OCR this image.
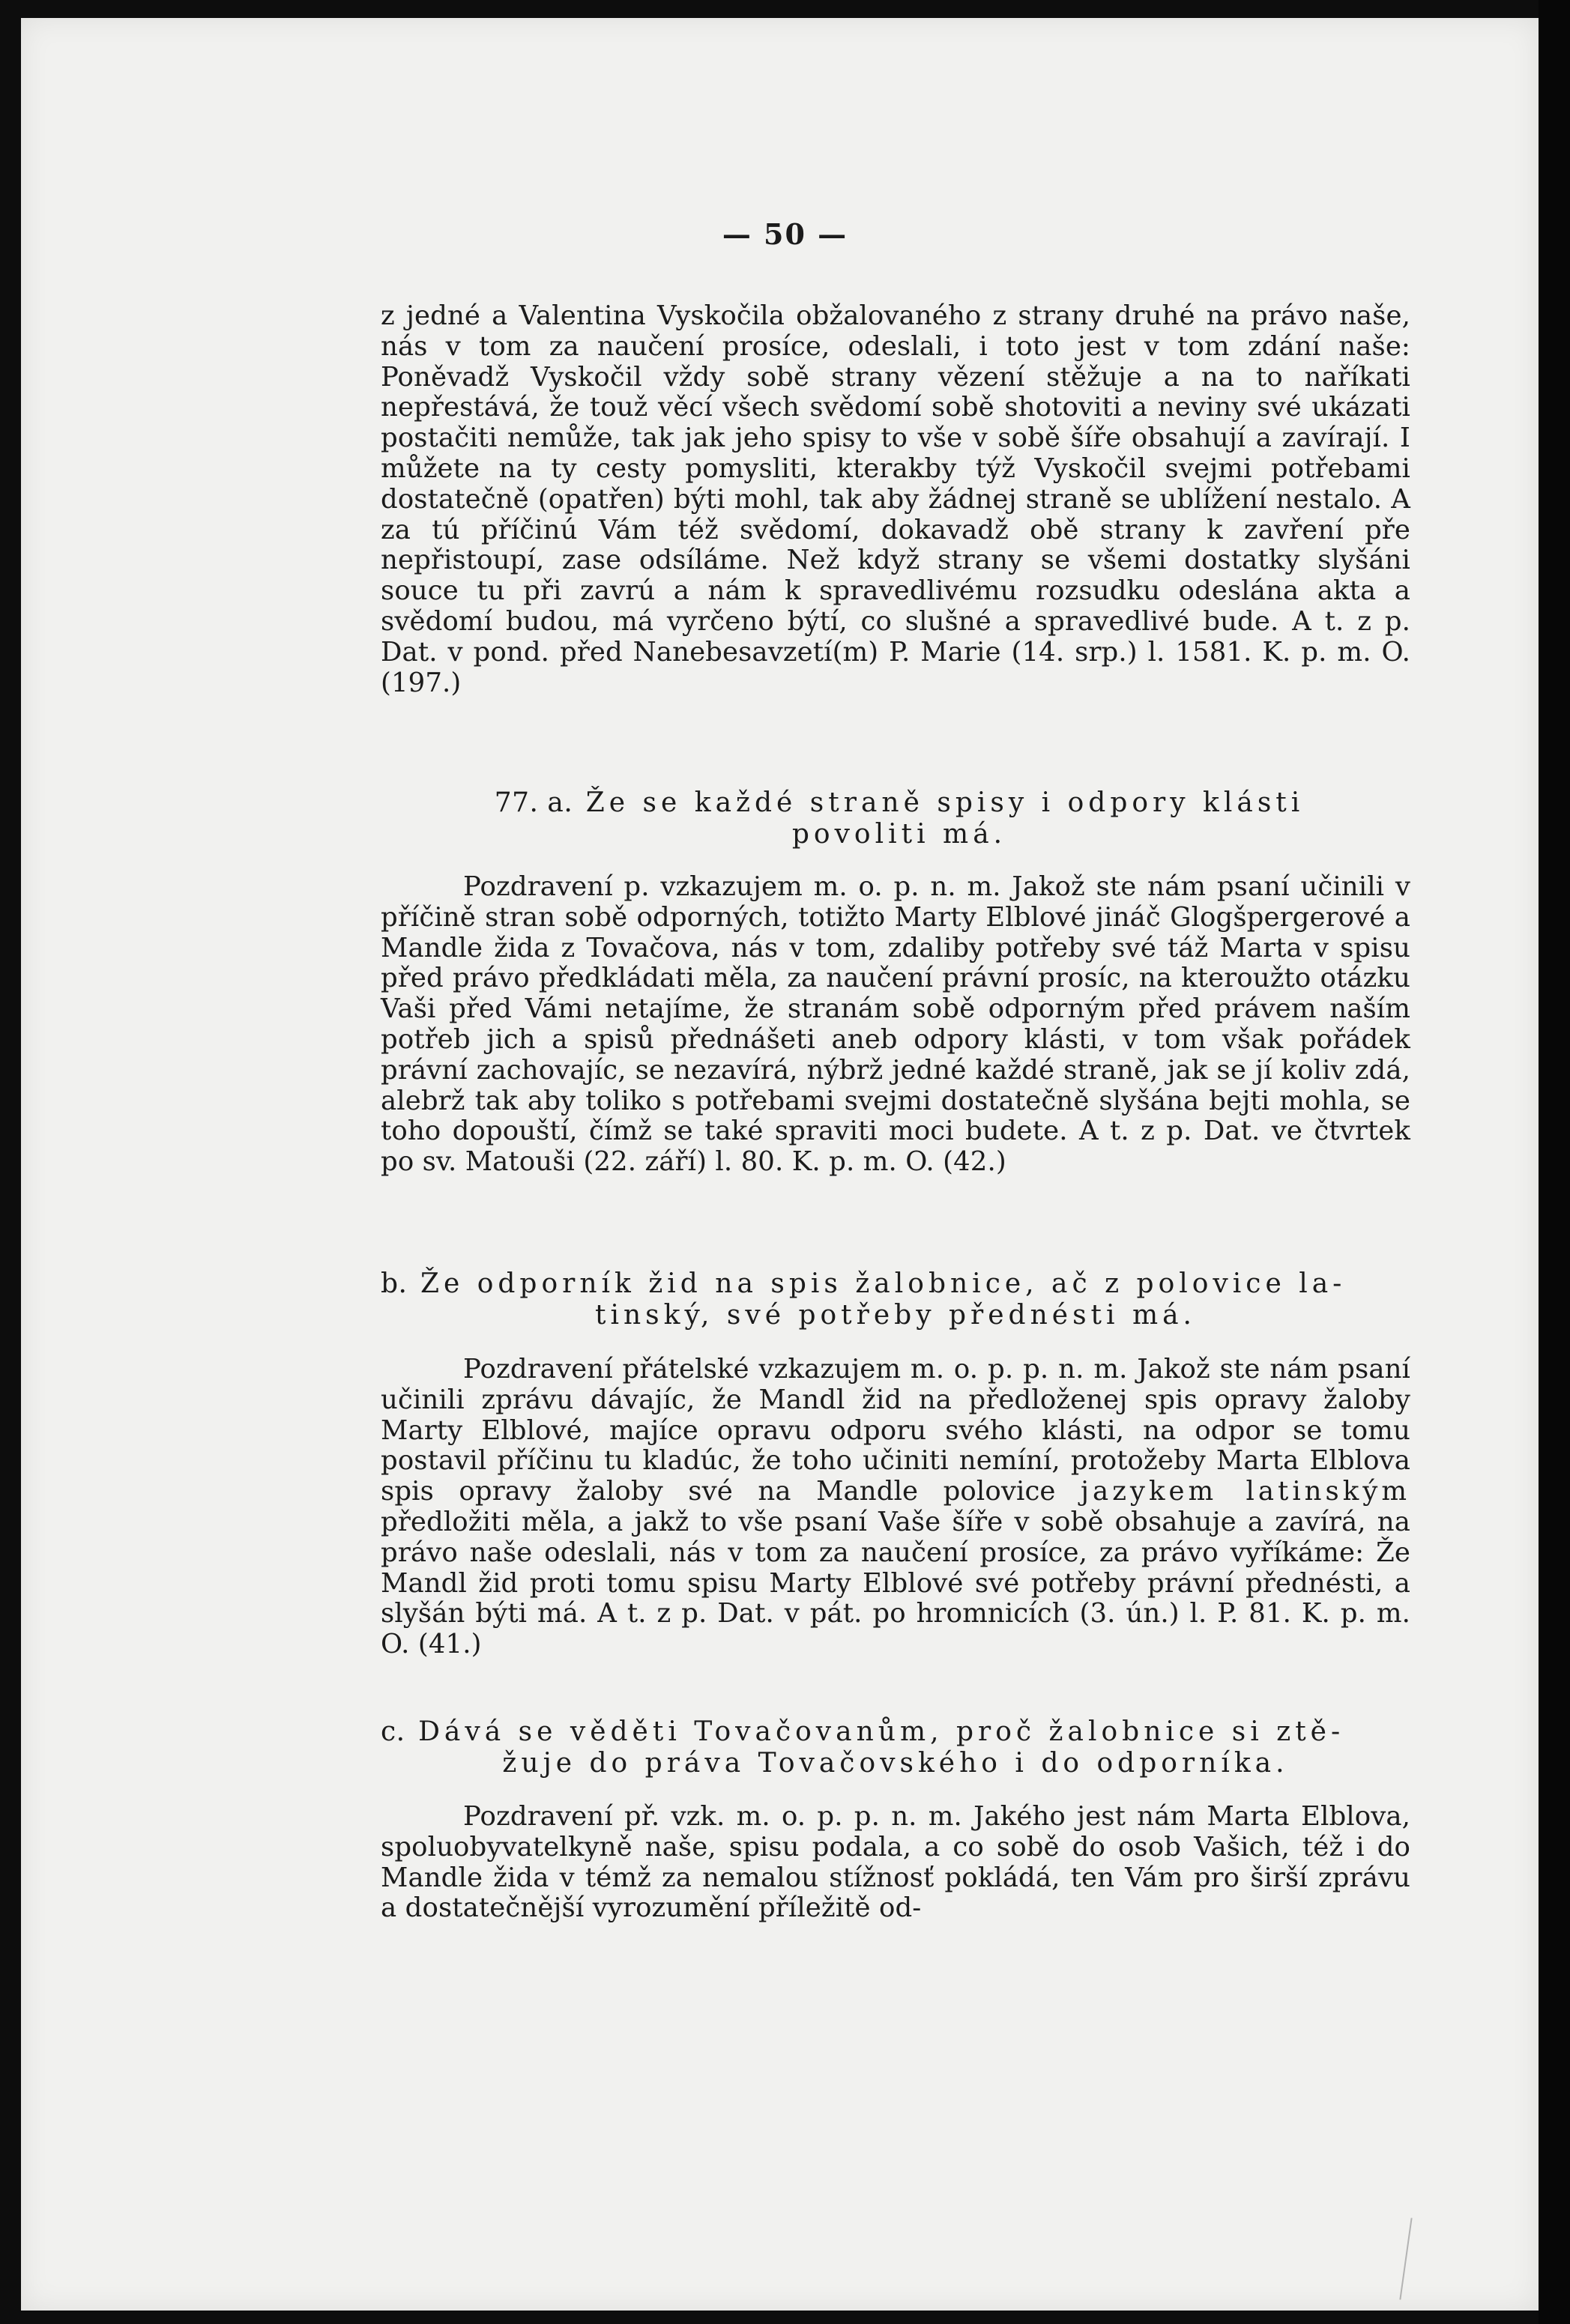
— 50 —
z jedné a Valentina Vyskočila obžalovaného z strany druhé na právo naše, nás v tom za naučení prosíce, odeslali, i toto jest v tom zdání naše: Poněvadž Vyskočil vždy sobě strany vězení stěžuje a na to naříkati nepřestává, že touž věcí všech svědomí sobě shotoviti a neviny své ukázati postačiti nemůže, tak jak jeho spisy to vše v sobě šíře obsahují a zavírají. I můžete na ty cesty pomysliti, kterakby týž Vyskočil svejmi potřebami dostatečně (opatřen) býti mohl, tak aby žádnej straně se ublížení nestalo. A za tú příčinú Vám též svědomí, dokavadž obě strany k zavření pře nepřistoupí, zase odsíláme. Než když strany se všemi dostatky slyšáni souce tu při zavrú a nám k spravedlivému rozsudku odeslána akta a svědomí budou, má vyrčeno býtí, co slušné a spravedlivé bude. A t. z p. Dat. v pond. před Nanebesavzetí(m) P. Marie (14. srp.) l. 1581. K. p. m. O. (197.)
77. a. Že se každé straně spisy i odpory klásti povoliti má.
Pozdravení p. vzkazujem m. o. p. n. m. Jakož ste nám psaní učinili v příčině stran sobě odporných, totižto Marty Elblové jináč Glogšpergerové a Mandle žida z Tovačova, nás v tom, zdaliby potřeby své táž Marta v spisu před právo předkládati měla, za naučení právní prosíc, na kteroužto otázku Vaši před Vámi netajíme, že stranám sobě odporným před právem naším potřeb jich a spisů přednášeti aneb odpory klásti, v tom však pořádek právní zachovajíc, se nezavírá, nýbrž jedné každé straně, jak se jí koliv zdá, alebrž tak aby toliko s potřebami svejmi dostatečně slyšána bejti mohla, se toho dopouští, čímž se také spraviti moci budete. A t. z p. Dat. ve čtvrtek po sv. Matouši (22. září) l. 80. K. p. m. O. (42.)
b. Že odporník žid na spis žalobnice, ač z polovice la-
tinský, své potřeby přednésti má.
Pozdravení přátelské vzkazujem m. o. p. p. n. m. Jakož ste nám psaní učinili zprávu dávajíc, že Mandl žid na předloženej spis opravy žaloby Marty Elblové, majíce opravu odporu svého klásti, na odpor se tomu postavil příčinu tu kladúc, že toho učiniti nemíní, protožeby Marta Elblova spis opravy žaloby své na Mandle polovice jazykem latinským předložiti měla, a jakž to vše psaní Vaše šíře v sobě obsahuje a zavírá, na právo naše odeslali, nás v tom za naučení prosíce, za právo vyříkáme: Že Mandl žid proti tomu spisu Marty Elblové své potřeby právní přednésti, a slyšán býti má. A t. z p. Dat. v pát. po hromnicích (3. ún.) l. P. 81. K. p. m. O. (41.)
c. Dává se věděti Tovačovanům, proč žalobnice si ztě-
žuje do práva Tovačovského i do odporníka.
Pozdravení př. vzk. m. o. p. p. n. m. Jakého jest nám Marta Elblova, spoluobyvatelkyně naše, spisu podala, a co sobě do osob Vašich, též i do Mandle žida v témž za nemalou stížnosť pokládá, ten Vám pro širší zprávu a dostatečnější vyrozumění příležitě od-
